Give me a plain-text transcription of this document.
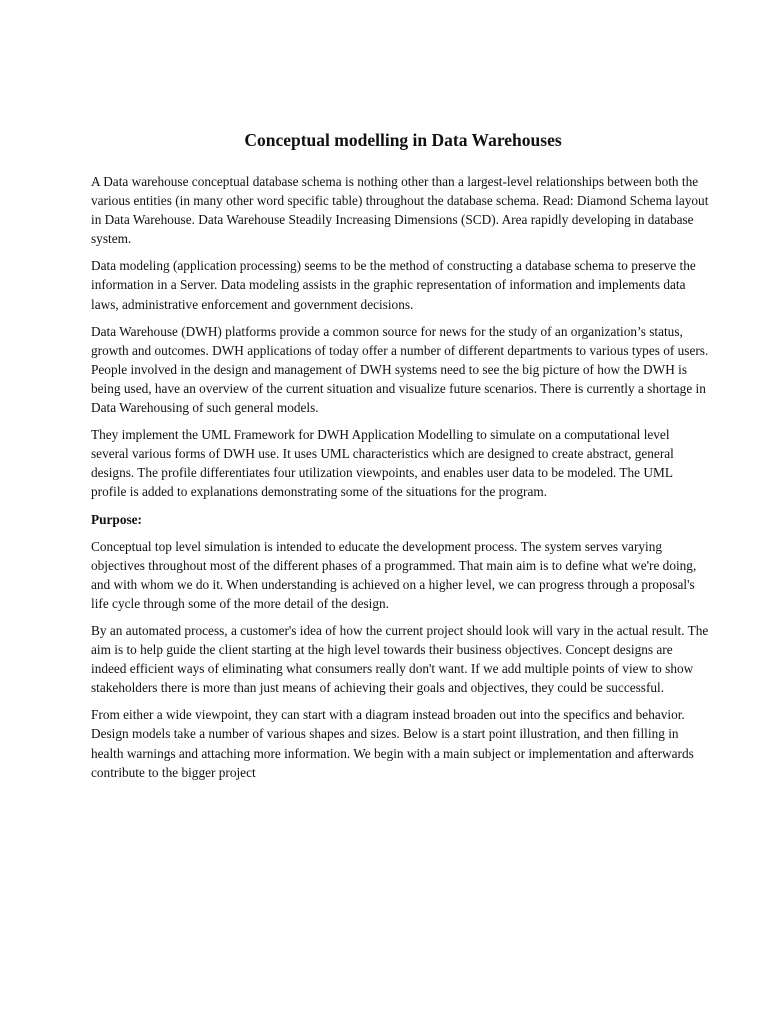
Conceptual modelling in Data Warehouses

A Data warehouse conceptual database schema is nothing other than a largest-level relationships between both the various entities (in many other word specific table) throughout the database schema. Read: Diamond Schema layout in Data Warehouse. Data Warehouse Steadily Increasing Dimensions (SCD). Area rapidly developing in database system.

Data modeling (application processing) seems to be the method of constructing a database schema to preserve the information in a Server. Data modeling assists in the graphic representation of information and implements data laws, administrative enforcement and government decisions.

Data Warehouse (DWH) platforms provide a common source for news for the study of an organization’s status, growth and outcomes. DWH applications of today offer a number of different departments to various types of users. People involved in the design and management of DWH systems need to see the big picture of how the DWH is being used, have an overview of the current situation and visualize future scenarios. There is currently a shortage in Data Warehousing of such general models.

They implement the UML Framework for DWH Application Modelling to simulate on a computational level several various forms of DWH use. It uses UML characteristics which are designed to create abstract, general designs. The profile differentiates four utilization viewpoints, and enables user data to be modeled. The UML profile is added to explanations demonstrating some of the situations for the program.

Purpose:

Conceptual top level simulation is intended to educate the development process. The system serves varying objectives throughout most of the different phases of a programmed. That main aim is to define what we're doing, and with whom we do it. When understanding is achieved on a higher level, we can progress through a proposal's life cycle through some of the more detail of the design.

By an automated process, a customer's idea of how the current project should look will vary in the actual result. The aim is to help guide the client starting at the high level towards their business objectives. Concept designs are indeed efficient ways of eliminating what consumers really don't want. If we add multiple points of view to show stakeholders there is more than just means of achieving their goals and objectives, they could be successful.

From either a wide viewpoint, they can start with a diagram instead broaden out into the specifics and behavior. Design models take a number of various shapes and sizes. Below is a start point illustration, and then filling in health warnings and attaching more information. We begin with a main subject or implementation and afterwards contribute to the bigger project
